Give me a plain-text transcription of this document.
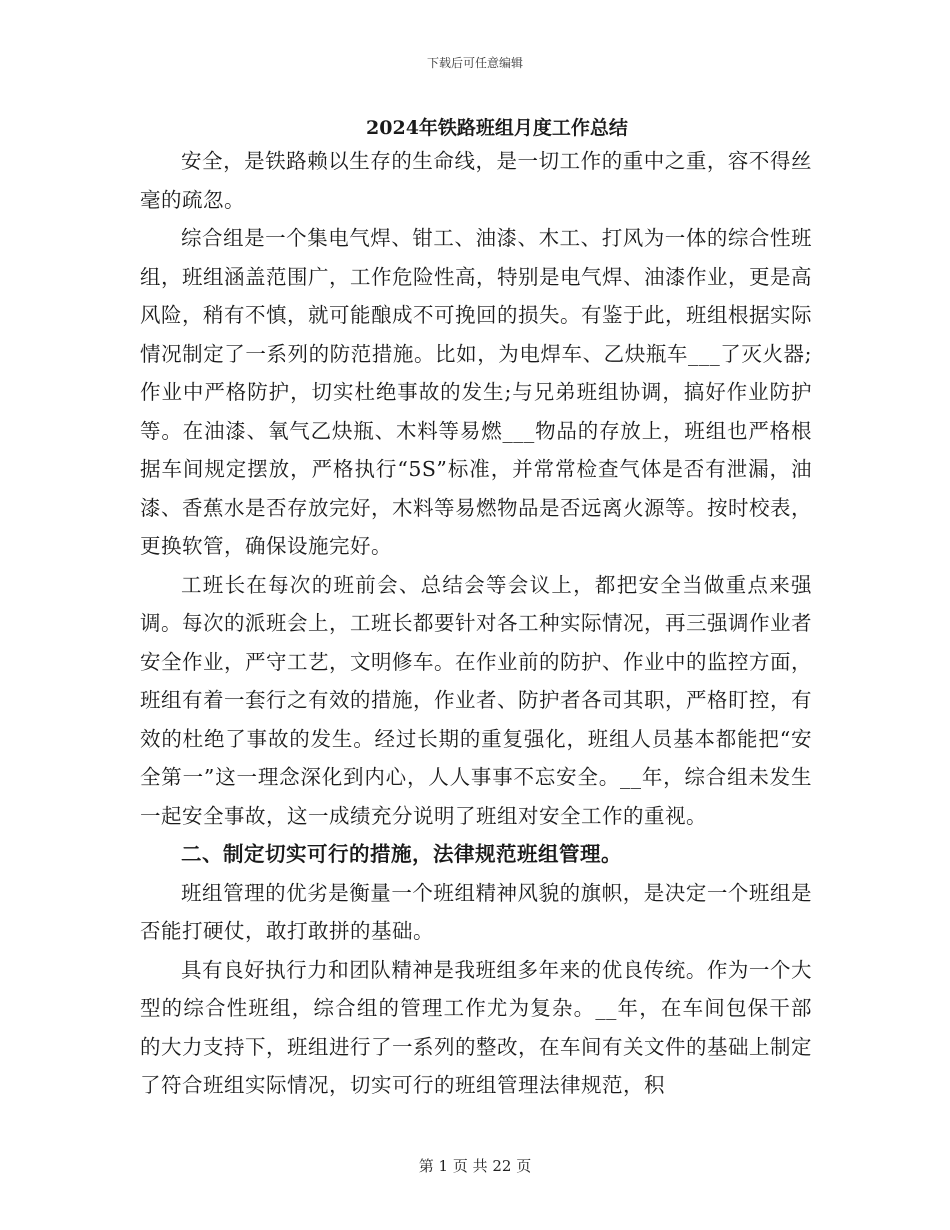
下载后可任意编辑
2024年铁路班组月度工作总结

安全，是铁路赖以生存的生命线，是一切工作的重中之重，容不得丝毫的疏忽。

综合组是一个集电气焊、钳工、油漆、木工、打风为一体的综合性班组，班组涵盖范围广，工作危险性高，特别是电气焊、油漆作业，更是高风险，稍有不慎，就可能酿成不可挽回的损失。有鉴于此，班组根据实际情况制定了一系列的防范措施。比如，为电焊车、乙炔瓶车___了灭火器;作业中严格防护，切实杜绝事故的发生;与兄弟班组协调，搞好作业防护等。在油漆、氧气乙炔瓶、木料等易燃___物品的存放上，班组也严格根据车间规定摆放，严格执行“5S”标准，并常常检查气体是否有泄漏，油漆、香蕉水是否存放完好，木料等易燃物品是否远离火源等。按时校表，更换软管，确保设施完好。

工班长在每次的班前会、总结会等会议上，都把安全当做重点来强调。每次的派班会上，工班长都要针对各工种实际情况，再三强调作业者安全作业，严守工艺，文明修车。在作业前的防护、作业中的监控方面，班组有着一套行之有效的措施，作业者、防护者各司其职，严格盯控，有效的杜绝了事故的发生。经过长期的重复强化，班组人员基本都能把“安全第一”这一理念深化到内心，人人事事不忘安全。__年，综合组未发生一起安全事故，这一成绩充分说明了班组对安全工作的重视。

二、制定切实可行的措施，法律规范班组管理。

班组管理的优劣是衡量一个班组精神风貌的旗帜，是决定一个班组是否能打硬仗，敢打敢拼的基础。

具有良好执行力和团队精神是我班组多年来的优良传统。作为一个大型的综合性班组，综合组的管理工作尤为复杂。__年，在车间包保干部的大力支持下，班组进行了一系列的整改，在车间有关文件的基础上制定了符合班组实际情况，切实可行的班组管理法律规范，积

第 1 页 共 22 页
